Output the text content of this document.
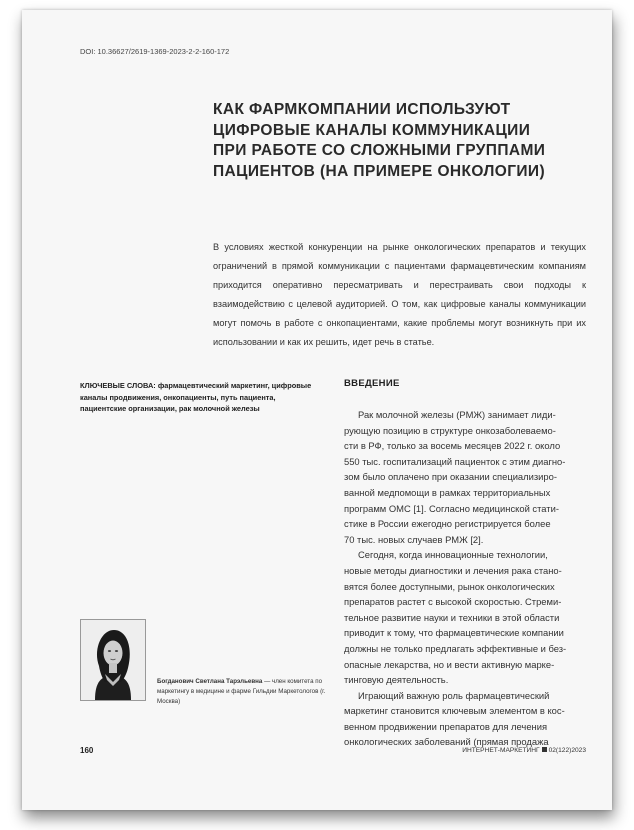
DOI: 10.36627/2619-1369-2023-2-2-160-172
КАК ФАРМКОМПАНИИ ИСПОЛЬЗУЮТ
ЦИФРОВЫЕ КАНАЛЫ КОММУНИКАЦИИ
ПРИ РАБОТЕ СО СЛОЖНЫМИ ГРУППАМИ
ПАЦИЕНТОВ (НА ПРИМЕРЕ ОНКОЛОГИИ)
В условиях жесткой конкуренции на рынке онкологических препаратов и текущих ограничений в прямой коммуникации с пациентами фармацевтическим компаниям приходится оперативно пересматривать и перестраивать свои подходы к взаимодействию с целевой аудиторией. О том, как цифровые каналы коммуникации могут помочь в работе с онкопациентами, какие проблемы могут возникнуть при их использовании и как их решить, идет речь в статье.
КЛЮЧЕВЫЕ СЛОВА: фармацевтический маркетинг, цифровые каналы продвижения, онкопациенты, путь пациента, пациентские организации, рак молочной железы
Богданович Светлана Тарэльевна — член комитета по маркетингу в медицине и фарме Гильдии Маркетологов (г. Москва)
ВВЕДЕНИЕ
Рак молочной железы (РМЖ) занимает лиди-
рующую позицию в структуре онкозаболеваемо-
сти в РФ, только за восемь месяцев 2022 г. около
550 тыс. госпитализаций пациенток с этим диагно-
зом было оплачено при оказании специализиро-
ванной медпомощи в рамках территориальных
программ ОМС [1]. Согласно медицинской стати-
стике в России ежегодно регистрируется более
70 тыс. новых случаев РМЖ [2].
Сегодня, когда инновационные технологии,
новые методы диагностики и лечения рака стано-
вятся более доступными, рынок онкологических
препаратов растет с высокой скоростью. Стреми-
тельное развитие науки и техники в этой области
приводит к тому, что фармацевтические компании
должны не только предлагать эффективные и без-
опасные лекарства, но и вести активную марке-
тинговую деятельность.
Играющий важную роль фармацевтический
маркетинг становится ключевым элементом в кос-
венном продвижении препаратов для лечения
онкологических заболеваний (прямая продажа
160	ИНТЕРНЕТ-МАРКЕТИНГ 02(122)2023
